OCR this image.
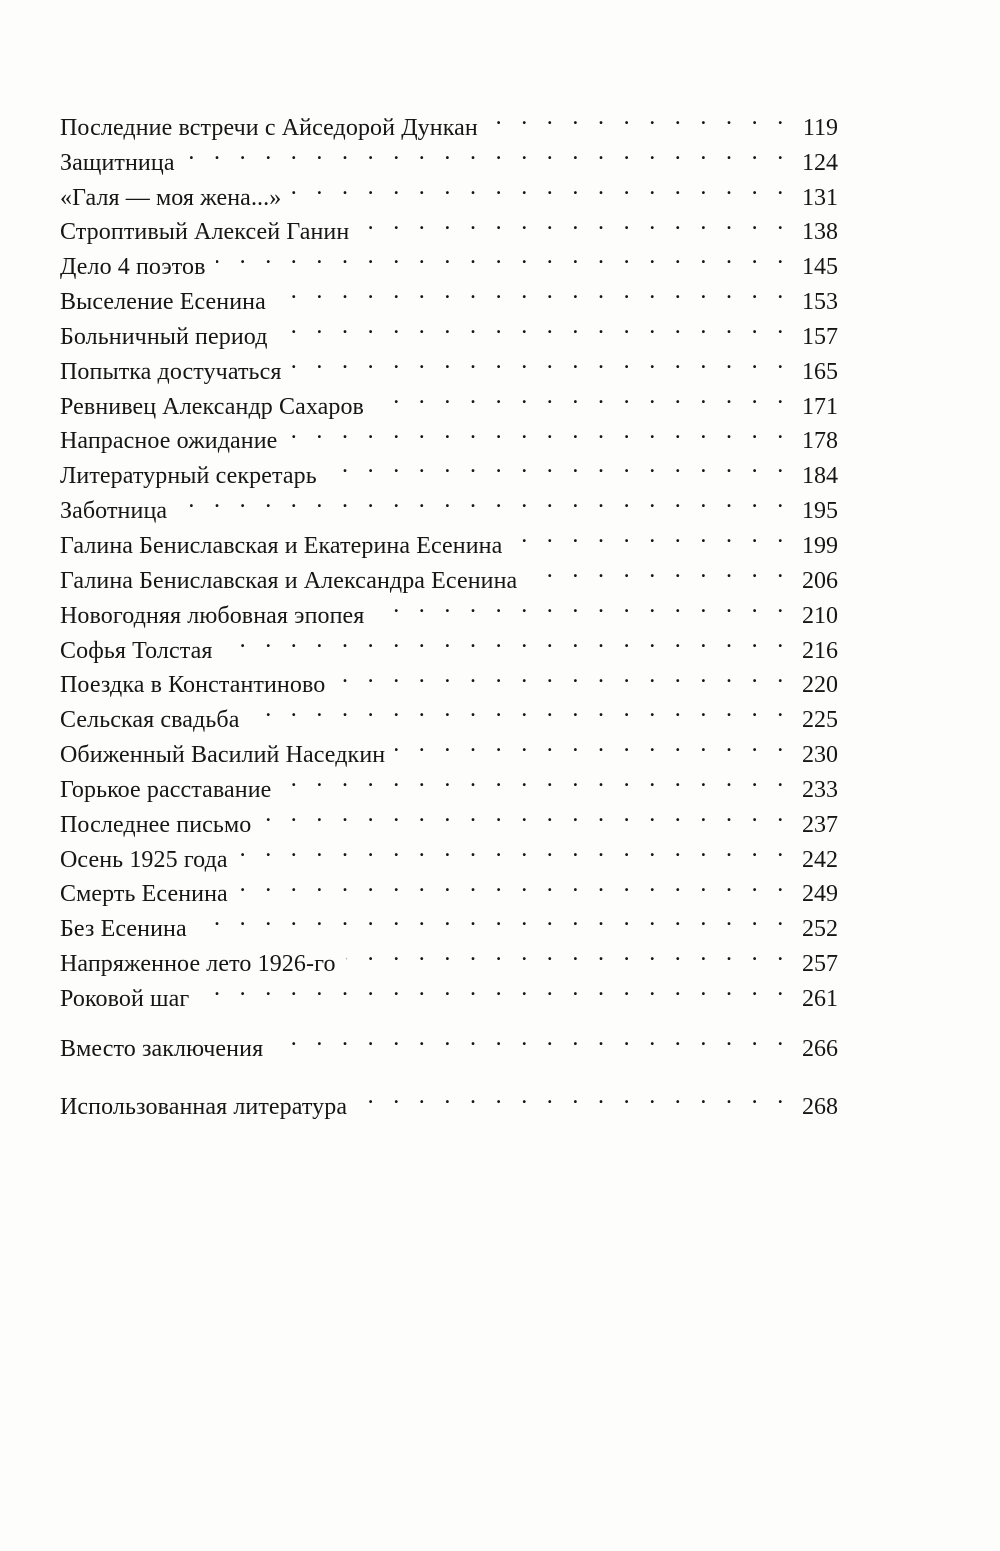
Последние встречи с Айседорой Дункан . . .	119
Защитница . . .	124
«Галя — моя жена...» . . .	131
Строптивый Алексей Ганин . . .	138
Дело 4 поэтов . . .	145
Выселение Есенина . . .	153
Больничный период . . .	157
Попытка достучаться . . .	165
Ревнивец Александр Сахаров . . .	171
Напрасное ожидание . . .	178
Литературный секретарь . . .	184
Заботница . . .	195
Галина Бениславская и Екатерина Есенина . . .	199
Галина Бениславская и Александра Есенина . . .	206
Новогодняя любовная эпопея . . .	210
Софья Толстая . . .	216
Поездка в Константиново . . .	220
Сельская свадьба . . .	225
Обиженный Василий Наседкин . . .	230
Горькое расставание . . .	233
Последнее письмо . . .	237
Осень 1925 года . . .	242
Смерть Есенина . . .	249
Без Есенина . . .	252
Напряженное лето 1926-го . . .	257
Роковой шаг . . .	261
Вместо заключения . . .	266
Использованная литература . . .	268
